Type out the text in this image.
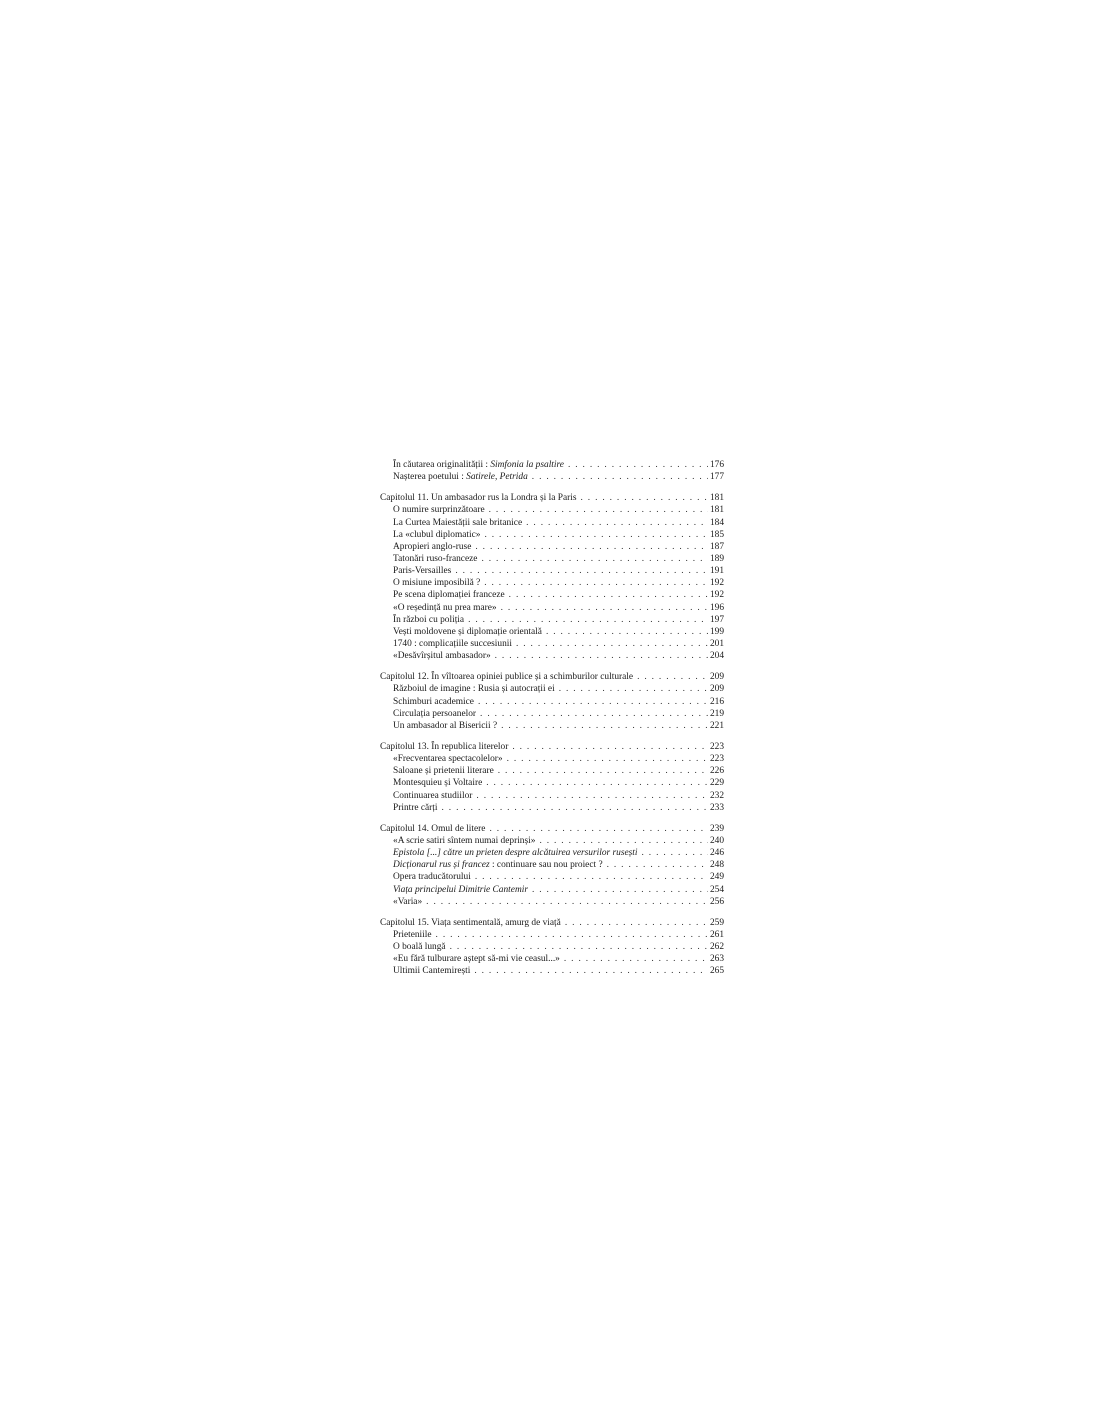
În căutarea originalității : Simfonia la psaltire . . .	176
Nașterea poetului : Satirele, Petrida . . .	177
Capitolul 11. Un ambasador rus la Londra și la Paris . . .	181
O numire surprinzătoare . . .	181
La Curtea Maiestății sale britanice . . .	184
La «clubul diplomatic» . . .	185
Apropieri anglo-ruse . . .	187
Tatonări ruso-franceze . . .	189
Paris-Versailles . . .	191
O misiune imposibilă ? . . .	192
Pe scena diplomației franceze . . .	192
«O reședință nu prea mare» . . .	196
În război cu poliția . . .	197
Vești moldovene și diplomație orientală . . .	199
1740 : complicațiile succesiunii . . .	201
«Desăvîrșitul ambasador» . . .	204
Capitolul 12. În vîltoarea opiniei publice și a schimburilor culturale . . .	209
Războiul de imagine : Rusia și autocrații ei . . .	209
Schimburi academice . . .	216
Circulația persoanelor . . .	219
Un ambasador al Bisericii ? . . .	221
Capitolul 13. În republica literelor . . .	223
«Frecventarea spectacolelor» . . .	223
Saloane și prietenii literare . . .	226
Montesquieu și Voltaire . . .	229
Continuarea studiilor . . .	232
Printre cărți . . .	233
Capitolul 14. Omul de litere . . .	239
«A scrie satiri sîntem numai deprinși» . . .	240
Epistola [...] către un prieten despre alcătuirea versurilor rusești . . .	246
Dicționarul rus și francez : continuare sau nou proiect ? . . .	248
Opera traducătorului . . .	249
Viața principelui Dimitrie Cantemir . . .	254
«Varia» . . .	256
Capitolul 15. Viața sentimentală, amurg de viață . . .	259
Prieteniile . . .	261
O boală lungă . . .	262
«Eu fără tulburare aștept să-mi vie ceasul...» . . .	263
Ultimii Cantemirești . . .	265
